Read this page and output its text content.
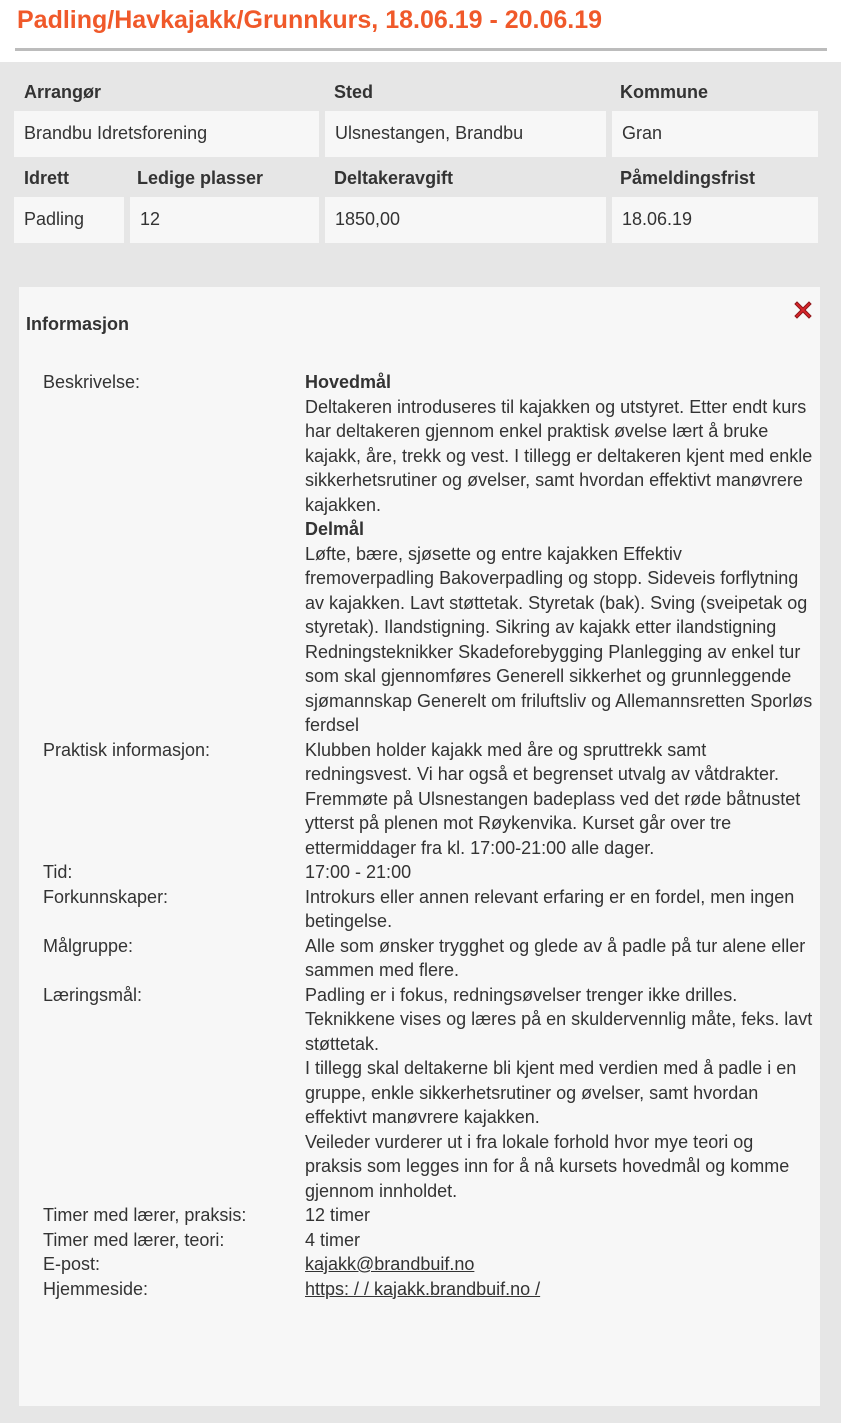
Padling/Havkajakk/Grunnkurs, 18.06.19 - 20.06.19
Arrangør	Sted	Kommune
Brandbu Idretsforening	Ulsnestangen, Brandbu	Gran
Idrett	Ledige plasser	Deltakeravgift	Påmeldingsfrist
Padling	12	1850,00	18.06.19
Informasjon
Beskrivelse:	Hovedmål
Deltakeren introduseres til kajakken og utstyret. Etter endt kurs har deltakeren gjennom enkel praktisk øvelse lært å bruke kajakk, åre, trekk og vest. I tillegg er deltakeren kjent med enkle sikkerhetsrutiner og øvelser, samt hvordan effektivt manøvrere kajakken.
Delmål
Løfte, bære, sjøsette og entre kajakken Effektiv fremoverpadling Bakoverpadling og stopp. Sideveis forflytning av kajakken. Lavt støttetak. Styretak (bak). Sving (sveipetak og styretak). Ilandstigning. Sikring av kajakk etter ilandstigning Redningsteknikker Skadeforebygging Planlegging av enkel tur som skal gjennomføres Generell sikkerhet og grunnleggende sjømannskap Generelt om friluftsliv og Allemannsretten Sporløs ferdsel
Praktisk informasjon:	Klubben holder kajakk med åre og spruttrekk samt redningsvest. Vi har også et begrenset utvalg av våtdrakter. Fremmøte på Ulsnestangen badeplass ved det røde båtnustet ytterst på plenen mot Røykenvika. Kurset går over tre ettermiddager fra kl. 17:00-21:00 alle dager.
Tid:	17:00 - 21:00
Forkunnskaper:	Introkurs eller annen relevant erfaring er en fordel, men ingen betingelse.
Målgruppe:	Alle som ønsker trygghet og glede av å padle på tur alene eller sammen med flere.
Læringsmål:	Padling er i fokus, redningsøvelser trenger ikke drilles. Teknikkene vises og læres på en skuldervennlig måte, feks. lavt støttetak.
I tillegg skal deltakerne bli kjent med verdien med å padle i en gruppe, enkle sikkerhetsrutiner og øvelser, samt hvordan effektivt manøvrere kajakken.
Veileder vurderer ut i fra lokale forhold hvor mye teori og praksis som legges inn for å nå kursets hovedmål og komme gjennom innholdet.
Timer med lærer, praksis:	12 timer
Timer med lærer, teori:	4 timer
E-post:	kajakk@brandbuif.no
Hjemmeside:	https: / / kajakk.brandbuif.no /
